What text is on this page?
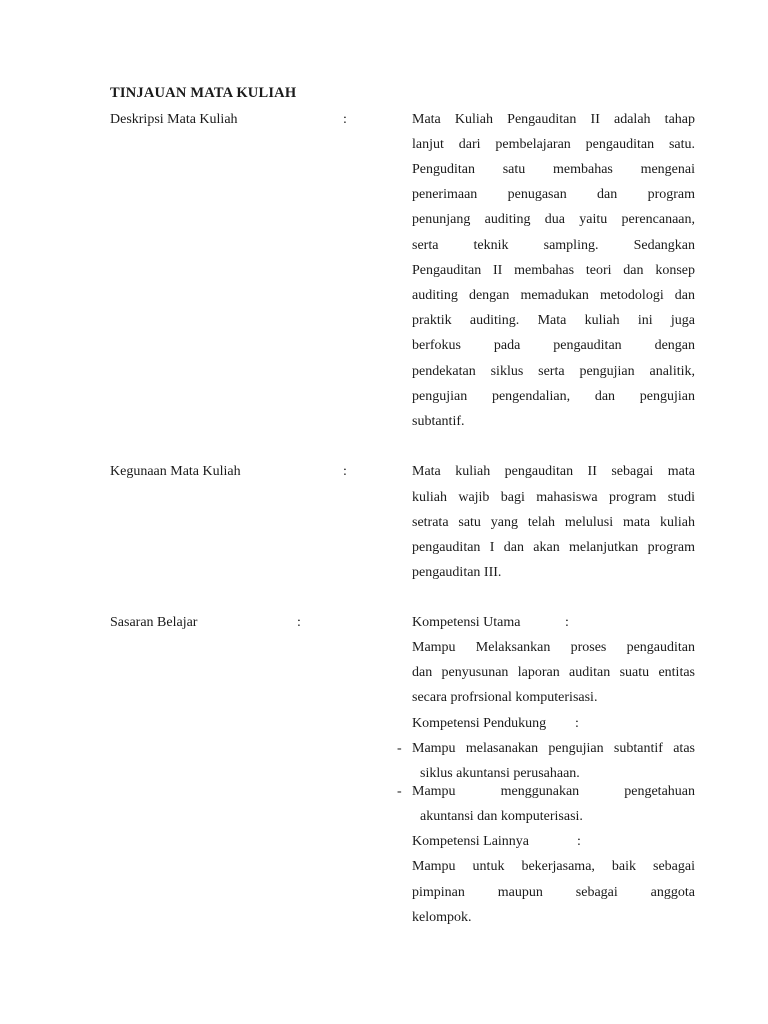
TINJAUAN MATA KULIAH
Deskripsi Mata Kuliah	:	Mata Kuliah Pengauditan II adalah tahap
lanjut dari pembelajaran pengauditan satu.
Penguditan satu membahas mengenai
penerimaan penugasan dan program
penunjang auditing dua yaitu perencanaan,
serta teknik sampling. Sedangkan
Pengauditan II membahas teori dan konsep
auditing dengan memadukan metodologi dan
praktik auditing. Mata kuliah ini juga
berfokus pada pengauditan dengan
pendekatan siklus serta pengujian analitik,
pengujian pengendalian, dan pengujian
subtantif.
Kegunaan Mata Kuliah	:	Mata kuliah pengauditan II sebagai mata
kuliah wajib bagi mahasiswa program studi
setrata satu yang telah melulusi mata kuliah
pengauditan I dan akan melanjutkan program
pengauditan III.
Sasaran Belajar	:	Kompetensi Utama	:
Mampu Melaksankan proses pengauditan
dan penyusunan laporan auditan suatu entitas
secara profrsional komputerisasi.
Kompetensi Pendukung :
- Mampu melasanakan pengujian subtantif atas
siklus akuntansi perusahaan.
- Mampu menggunakan pengetahuan
akuntansi dan komputerisasi.
Kompetensi Lainnya	:
Mampu untuk bekerjasama, baik sebagai
pimpinan maupun sebagai anggota
kelompok.
